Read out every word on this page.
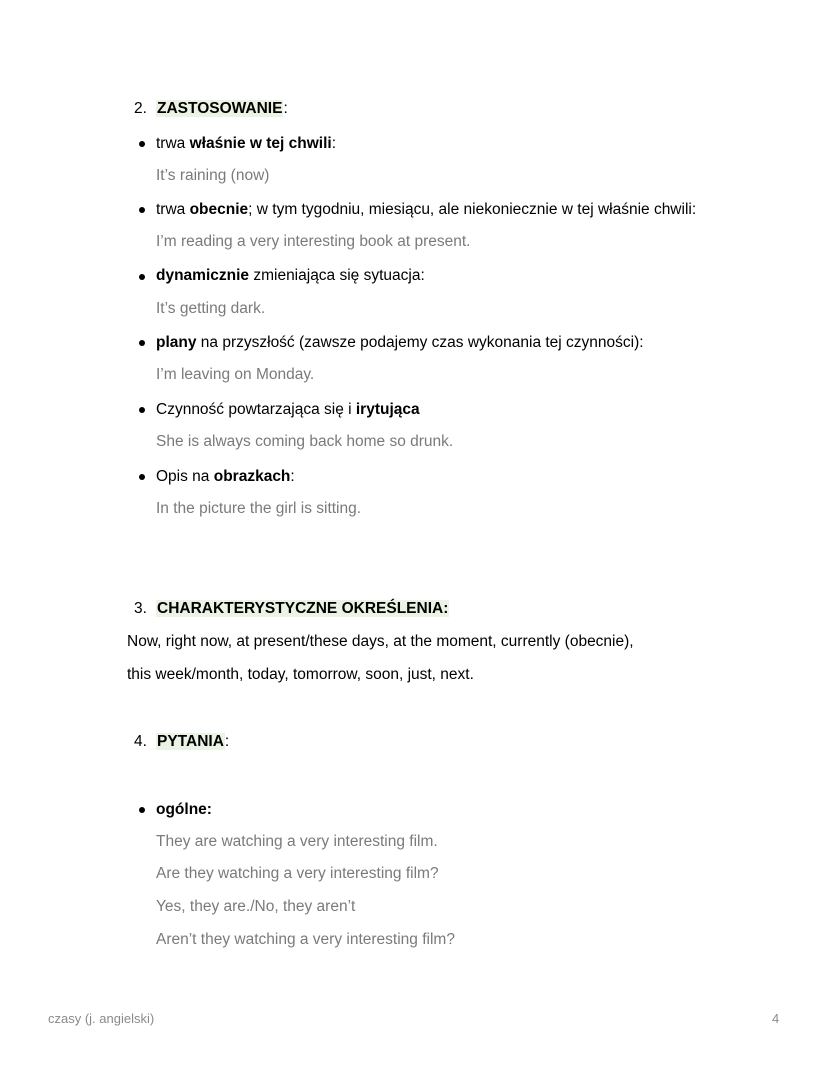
2. ZASTOSOWANIE:
trwa właśnie w tej chwili:
It’s raining (now)
trwa obecnie; w tym tygodniu, miesiącu, ale niekoniecznie w tej właśnie chwili:
I’m reading a very interesting book at present.
dynamicznie zmieniająca się sytuacja:
It’s getting dark.
plany na przyszłość (zawsze podajemy czas wykonania tej czynności):
I’m leaving on Monday.
Czynność powtarzająca się i irytująca
She is always coming back home so drunk.
Opis na obrazkach:
In the picture the girl is sitting.
3. CHARAKTERYSTYCZNE OKREŚLENIA:
Now, right now, at present/these days, at the moment, currently (obecnie),
this week/month, today, tomorrow, soon, just, next.
4. PYTANIA:
ogólne:
They are watching a very interesting film.
Are they watching a very interesting film?
Yes, they are./No, they aren’t
Aren’t they watching a very interesting film?
czasy (j. angielski)	4
